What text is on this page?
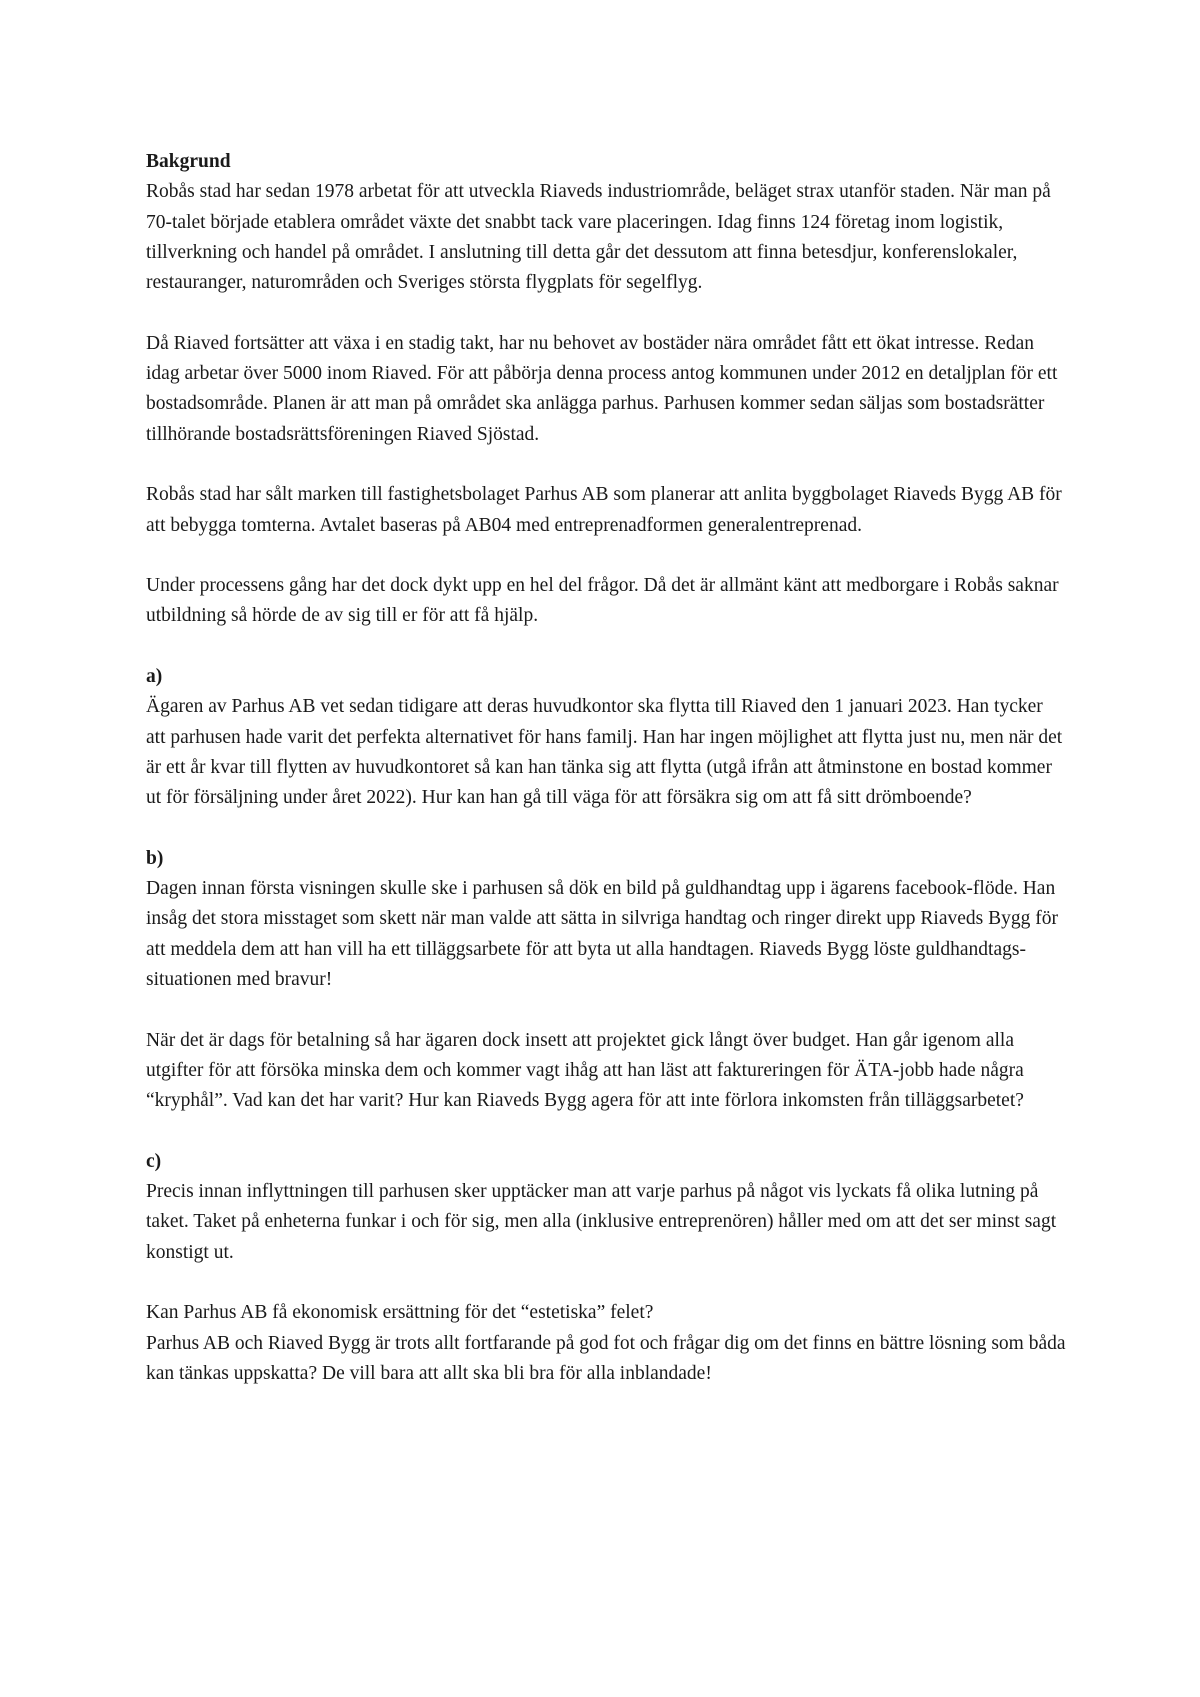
Bakgrund

Robås stad har sedan 1978 arbetat för att utveckla Riaveds industriområde, beläget strax utanför staden. När man på 70-talet började etablera området växte det snabbt tack vare placeringen. Idag finns 124 företag inom logistik, tillverkning och handel på området. I anslutning till detta går det dessutom att finna betesdjur, konferenslokaler, restauranger, naturområden och Sveriges största flygplats för segelflyg.

Då Riaved fortsätter att växa i en stadig takt, har nu behovet av bostäder nära området fått ett ökat intresse. Redan idag arbetar över 5000 inom Riaved. För att påbörja denna process antog kommunen under 2012 en detaljplan för ett bostadsområde. Planen är att man på området ska anlägga parhus. Parhusen kommer sedan säljas som bostadsrätter tillhörande bostadsrättsföreningen Riaved Sjöstad.

Robås stad har sålt marken till fastighetsbolaget Parhus AB som planerar att anlita byggbolaget Riaveds Bygg AB för att bebygga tomterna. Avtalet baseras på AB04 med entreprenadformen generalentreprenad.

Under processens gång har det dock dykt upp en hel del frågor. Då det är allmänt känt att medborgare i Robås saknar utbildning så hörde de av sig till er för att få hjälp.

a)

Ägaren av Parhus AB vet sedan tidigare att deras huvudkontor ska flytta till Riaved den 1 januari 2023. Han tycker att parhusen hade varit det perfekta alternativet för hans familj. Han har ingen möjlighet att flytta just nu, men när det är ett år kvar till flytten av huvudkontoret så kan han tänka sig att flytta (utgå ifrån att åtminstone en bostad kommer ut för försäljning under året 2022). Hur kan han gå till väga för att försäkra sig om att få sitt drömboende?

b)

Dagen innan första visningen skulle ske i parhusen så dök en bild på guldhandtag upp i ägarens facebook-flöde. Han insåg det stora misstaget som skett när man valde att sätta in silvriga handtag och ringer direkt upp Riaveds Bygg för att meddela dem att han vill ha ett tilläggsarbete för att byta ut alla handtagen. Riaveds Bygg löste guldhandtags-situationen med bravur!

När det är dags för betalning så har ägaren dock insett att projektet gick långt över budget. Han går igenom alla utgifter för att försöka minska dem och kommer vagt ihåg att han läst att faktureringen för ÄTA-jobb hade några “kryphål”. Vad kan det har varit? Hur kan Riaveds Bygg agera för att inte förlora inkomsten från tilläggsarbetet?

c)

Precis innan inflyttningen till parhusen sker upptäcker man att varje parhus på något vis lyckats få olika lutning på taket. Taket på enheterna funkar i och för sig, men alla (inklusive entreprenören) håller med om att det ser minst sagt konstigt ut.

Kan Parhus AB få ekonomisk ersättning för det “estetiska” felet?

Parhus AB och Riaved Bygg är trots allt fortfarande på god fot och frågar dig om det finns en bättre lösning som båda kan tänkas uppskatta? De vill bara att allt ska bli bra för alla inblandade!
